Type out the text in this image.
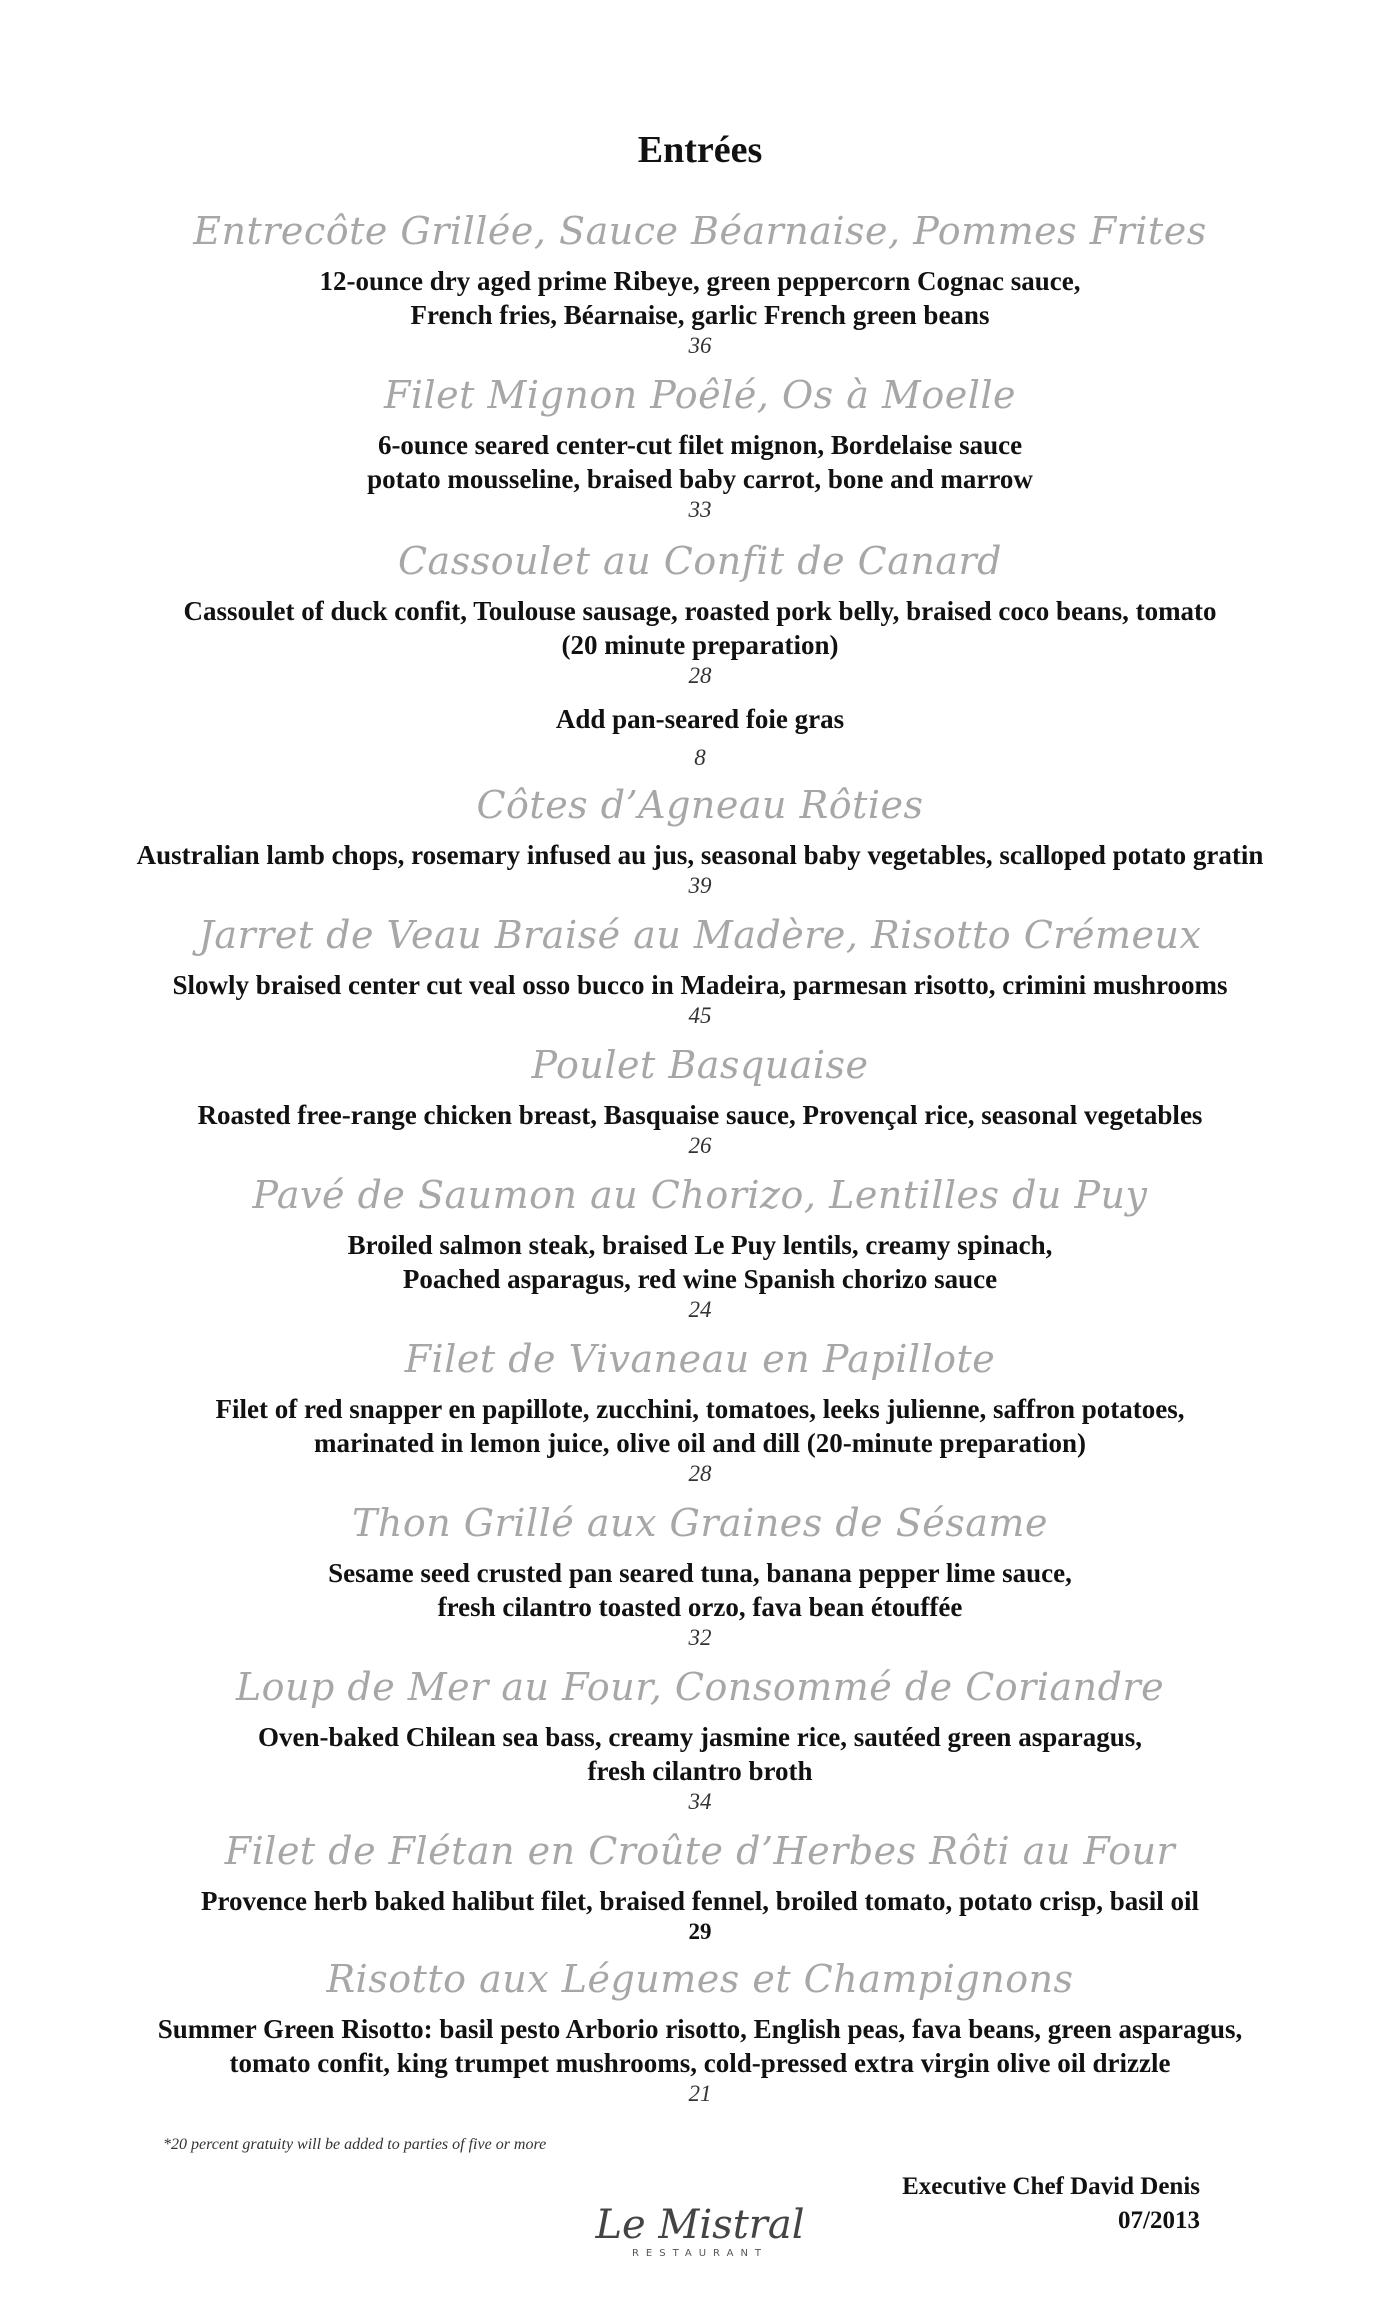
Entrées
Entrecôte Grillée, Sauce Béarnaise, Pommes Frites
12-ounce dry aged prime Ribeye, green peppercorn Cognac sauce,
French fries, Béarnaise, garlic French green beans
36
Filet Mignon Poêlé, Os à Moelle
6-ounce seared center-cut filet mignon, Bordelaise sauce
potato mousseline, braised baby carrot, bone and marrow
33
Cassoulet au Confit de Canard
Cassoulet of duck confit, Toulouse sausage, roasted pork belly, braised coco beans, tomato
(20 minute preparation)
28
Add pan-seared foie gras
8
Côtes d’Agneau Rôties
Australian lamb chops, rosemary infused au jus, seasonal baby vegetables, scalloped potato gratin
39
Jarret de Veau Braisé au Madère, Risotto Crémeux
Slowly braised center cut veal osso bucco in Madeira, parmesan risotto, crimini mushrooms
45
Poulet Basquaise
Roasted free-range chicken breast, Basquaise sauce, Provençal rice, seasonal vegetables
26
Pavé de Saumon au Chorizo, Lentilles du Puy
Broiled salmon steak, braised Le Puy lentils, creamy spinach,
Poached asparagus, red wine Spanish chorizo sauce
24
Filet de Vivaneau en Papillote
Filet of red snapper en papillote, zucchini, tomatoes, leeks julienne, saffron potatoes,
marinated in lemon juice, olive oil and dill (20-minute preparation)
28
Thon Grillé aux Graines de Sésame
Sesame seed crusted pan seared tuna, banana pepper lime sauce,
fresh cilantro toasted orzo, fava bean étouffée
32
Loup de Mer au Four, Consommé de Coriandre
Oven-baked Chilean sea bass, creamy jasmine rice, sautéed green asparagus,
fresh cilantro broth
34
Filet de Flétan en Croûte d’Herbes Rôti au Four
Provence herb baked halibut filet, braised fennel, broiled tomato, potato crisp, basil oil
29
Risotto aux Légumes et Champignons
Summer Green Risotto: basil pesto Arborio risotto, English peas, fava beans, green asparagus,
tomato confit, king trumpet mushrooms, cold-pressed extra virgin olive oil drizzle
21
*20 percent gratuity will be added to parties of five or more
Executive Chef David Denis
07/2013
Le Mistral
RESTAURANT
